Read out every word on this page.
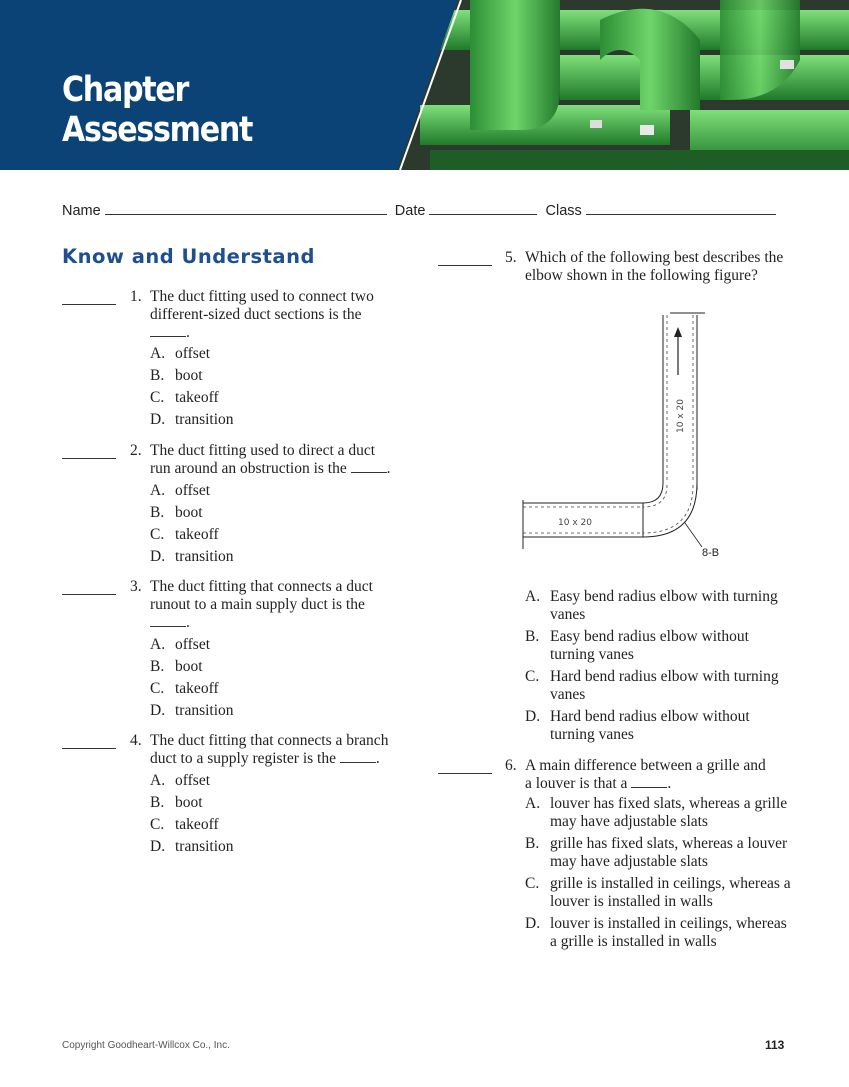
Chapter
Assessment
Name	Date	Class
Know and Understand
1. The duct fitting used to connect two
different-sized duct sections is the
.
A. offset
B. boot
C. takeoff
D. transition
2. The duct fitting used to direct a duct
run around an obstruction is the	.
A. offset
B. boot
C. takeoff
D. transition
3. The duct fitting that connects a duct
runout to a main supply duct is the
.
A. offset
B. boot
C. takeoff
D. transition
4. The duct fitting that connects a branch
duct to a supply register is the	.
A. offset
B. boot
C. takeoff
D. transition
5. Which of the following best describes the
elbow shown in the following figure?
10 x 20
10 x 20
8-B
A. Easy bend radius elbow with turning vanes
B. Easy bend radius elbow without turning vanes
C. Hard bend radius elbow with turning vanes
D. Hard bend radius elbow without turning vanes
6. A main difference between a grille and
a louver is that a	.
A. louver has fixed slats, whereas a grille may have adjustable slats
B. grille has fixed slats, whereas a louver may have adjustable slats
C. grille is installed in ceilings, whereas a louver is installed in walls
D. louver is installed in ceilings, whereas a grille is installed in walls
Copyright Goodheart-Willcox Co., Inc.	113
